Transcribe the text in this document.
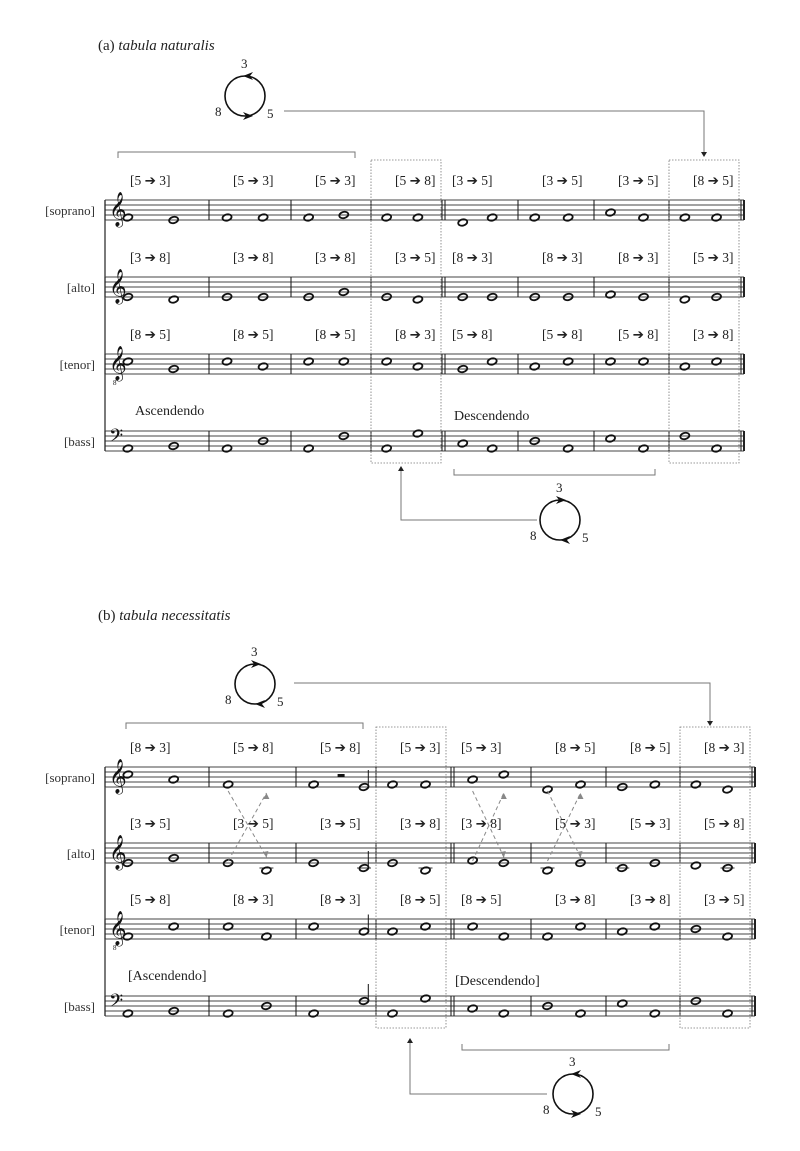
𝄞
𝄞
𝄞
8
𝄢
𝄞
𝄞
𝄞
8
𝄢
(a) tabula naturalis
[soprano]
[5 ➔ 3]	[5 ➔ 3]	[5 ➔ 3]	[5 ➔ 8] [3 ➔ 5]	[3 ➔ 5]	[3 ➔ 5]	[8 ➔ 5]
[alto]
[3 ➔ 8]	[3 ➔ 8]	[3 ➔ 8]	[3 ➔ 5] [8 ➔ 3]	[8 ➔ 3]	[8 ➔ 3]	[5 ➔ 3]
[tenor]
[8 ➔ 5]	[8 ➔ 5]	[8 ➔ 5]	[8 ➔ 3] [5 ➔ 8]	[5 ➔ 8]	[5 ➔ 8]	[3 ➔ 8]
[bass]
Ascendendo	Descendendo
3
8	5
3
8	5
(b) tabula necessitatis
[soprano]
[8 ➔ 3]	[5 ➔ 8]	[5 ➔ 8]	[5 ➔ 3] [5 ➔ 3]	[8 ➔ 5]	[8 ➔ 5] [8 ➔ 3]
[alto]
[3 ➔ 5]	[3 ➔ 5]	[3 ➔ 5]	[3 ➔ 8] [3 ➔ 8]	[5 ➔ 3]	[5 ➔ 3] [5 ➔ 8]
[tenor]
[5 ➔ 8]	[8 ➔ 3]	[8 ➔ 3]	[8 ➔ 5] [8 ➔ 5]	[3 ➔ 8]	[3 ➔ 8] [3 ➔ 5]
[bass]
[Ascendendo]	[Descendendo]
3
8	5
3
8	5
